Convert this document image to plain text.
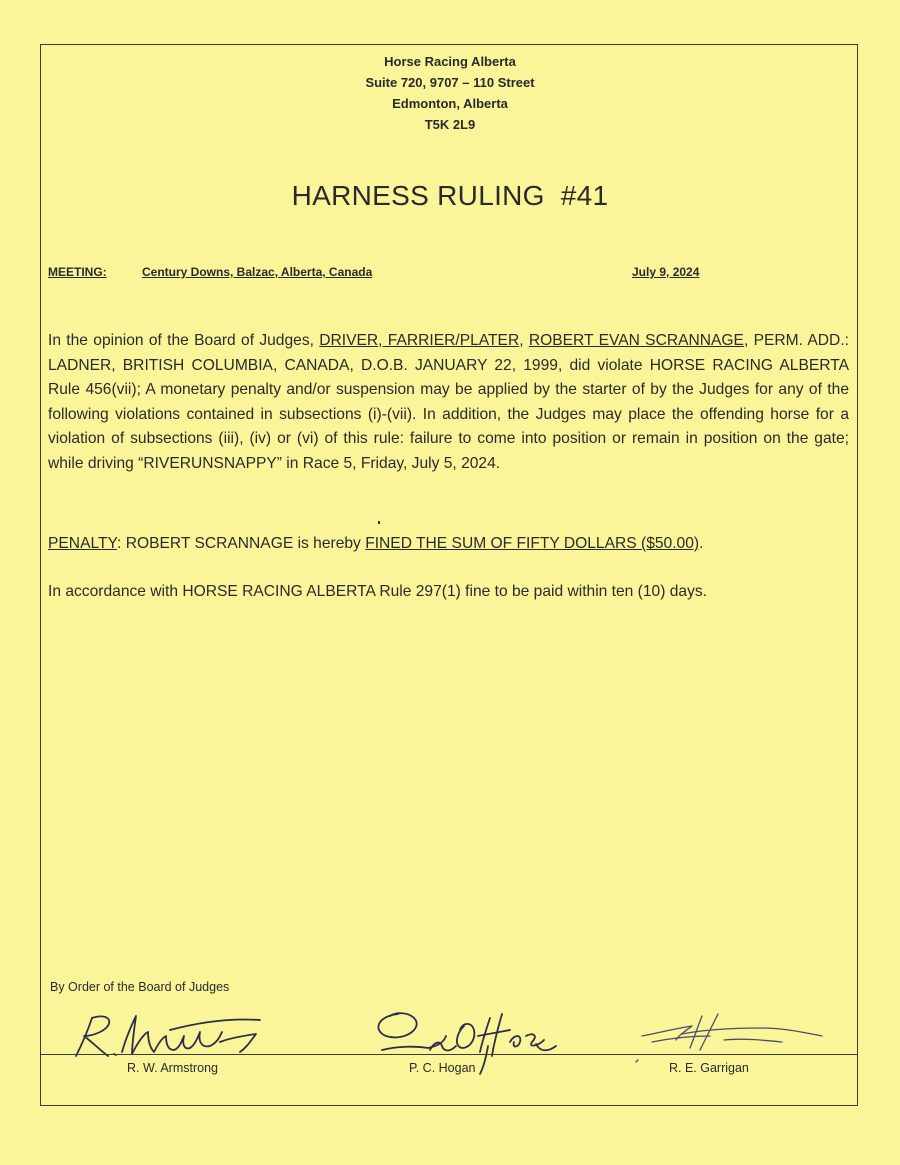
Horse Racing Alberta
Suite 720, 9707 – 110 Street
Edmonton, Alberta
T5K 2L9
HARNESS RULING #41
MEETING:	Century Downs, Balzac, Alberta, Canada	July 9, 2024
In the opinion of the Board of Judges, DRIVER, FARRIER/PLATER, ROBERT EVAN SCRANNAGE, PERM. ADD.: LADNER, BRITISH COLUMBIA, CANADA, D.O.B. JANUARY 22, 1999, did violate HORSE RACING ALBERTA Rule 456(vii); A monetary penalty and/or suspension may be applied by the starter of by the Judges for any of the following violations contained in subsections (i)-(vii). In addition, the Judges may place the offending horse for a violation of subsections (iii), (iv) or (vi) of this rule: failure to come into position or remain in position on the gate; while driving “RIVERUNSNAPPY” in Race 5, Friday, July 5, 2024.
PENALTY: ROBERT SCRANNAGE is hereby FINED THE SUM OF FIFTY DOLLARS ($50.00).
In accordance with HORSE RACING ALBERTA Rule 297(1) fine to be paid within ten (10) days.
By Order of the Board of Judges
R. W. Armstrong	P. C. Hogan	R. E. Garrigan
